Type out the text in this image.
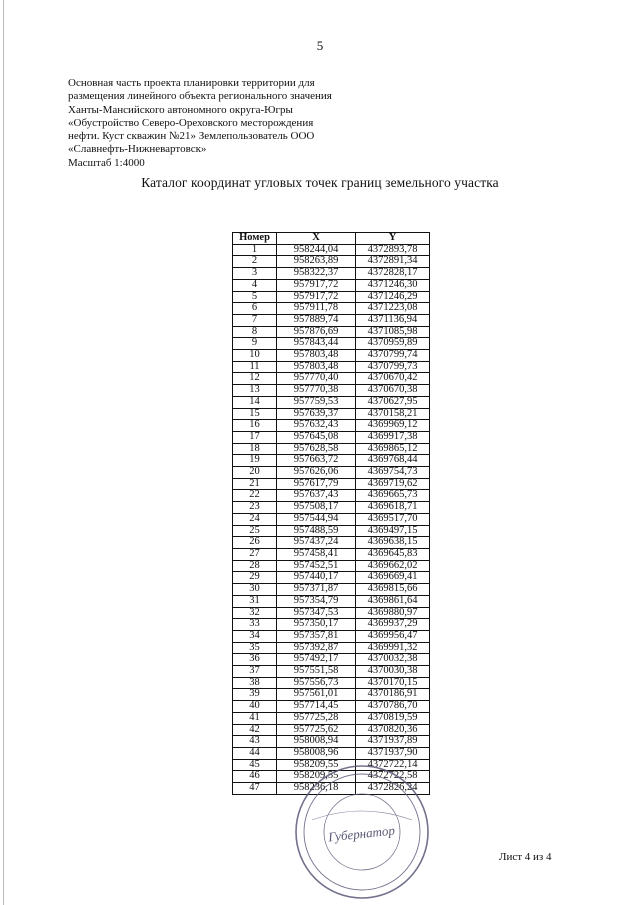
5
Основная часть проекта планировки территории для
размещения линейного объекта регионального значения
Ханты-Мансийского автономного округа-Югры
«Обустройство Северо-Ореховского месторождения
нефти. Куст скважин №21» Землепользователь ООО
«Славнефть-Нижневартовск»
Масштаб 1:4000
Каталог координат угловых точек границ земельного участка
Номер	X	Y
1	958244,04	4372893,78
2	958263,89	4372891,34
3	958322,37	4372828,17
4	957917,72	4371246,30
5	957917,72	4371246,29
6	957911,78	4371223,08
7	957889,74	4371136,94
8	957876,69	4371085,98
9	957843,44	4370959,89
10	957803,48	4370799,74
11	957803,48	4370799,73
12	957770,40	4370670,42
13	957770,38	4370670,38
14	957759,53	4370627,95
15	957639,37	4370158,21
16	957632,43	4369969,12
17	957645,08	4369917,38
18	957628,58	4369865,12
19	957663,72	4369768,44
20	957626,06	4369754,73
21	957617,79	4369719,62
22	957637,43	4369665,73
23	957508,17	4369618,71
24	957544,94	4369517,70
25	957488,59	4369497,15
26	957437,24	4369638,15
27	957458,41	4369645,83
28	957452,51	4369662,02
29	957440,17	4369669,41
30	957371,87	4369815,66
31	957354,79	4369861,64
32	957347,53	4369880,97
33	957350,17	4369937,29
34	957357,81	4369956,47
35	957392,87	4369991,32
36	957492,17	4370032,38
37	957551,58	4370030,38
38	957556,73	4370170,15
39	957561,01	4370186,91
40	957714,45	4370786,70
41	957725,28	4370819,59
42	957725,62	4370820,36
43	958008,94	4371937,89
44	958008,96	4371937,90
45	958209,55	4372722,14
46	958209,55	4372722,58
47	958236,18	4372826,24
Лист 4 из 4
Губернатор
